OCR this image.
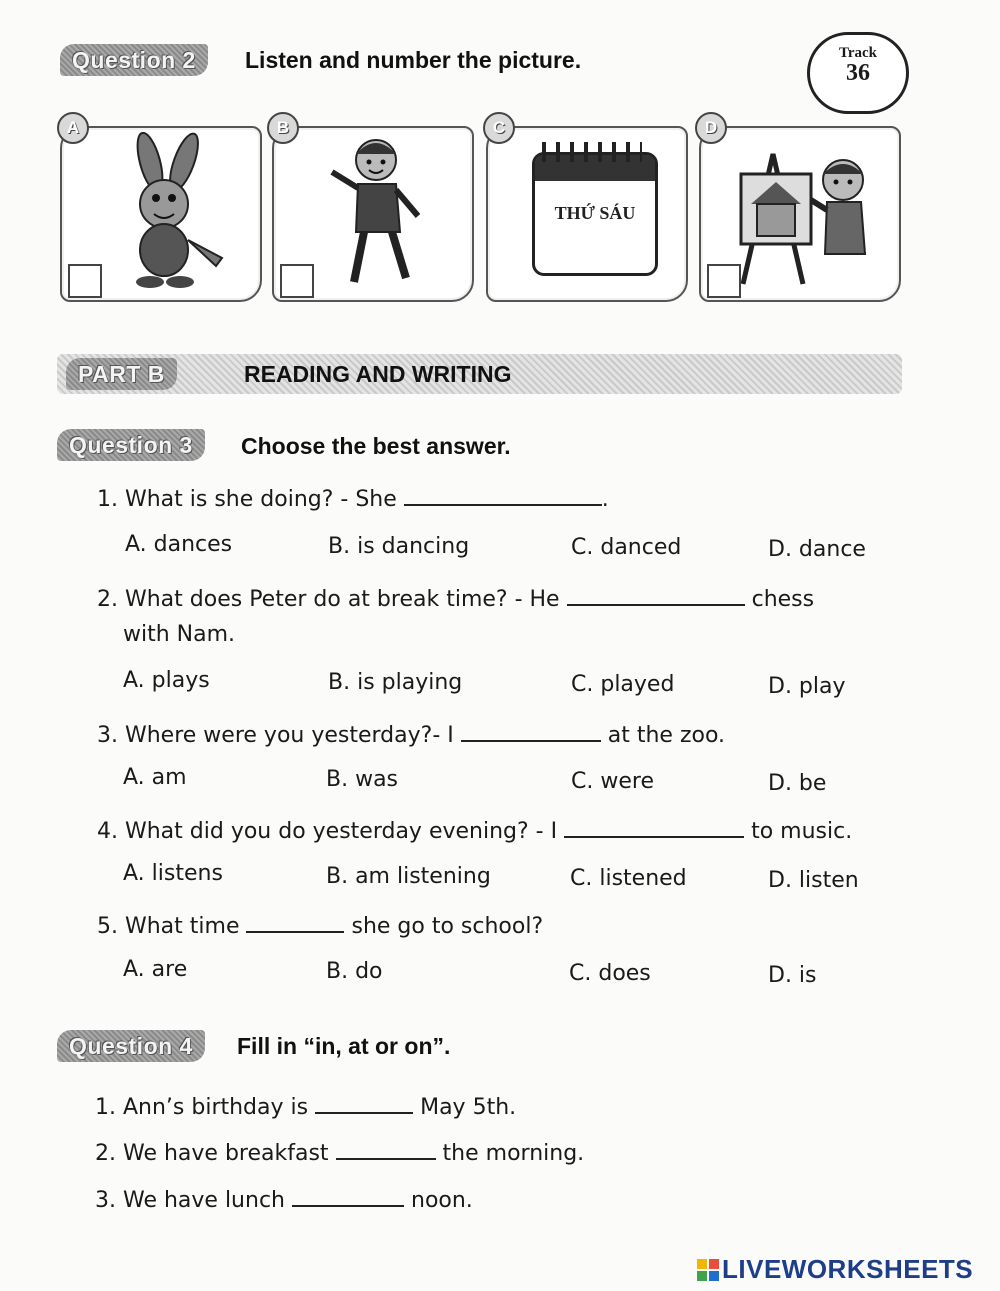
Question 2	Listen and number the picture.	Track
36
A	B
THỨ SÁU
C	D
PART B	READING AND WRITING
Question 3	Choose the best answer.
1. What is she doing? - She	.
A. dances	B. is dancing	C. danced	D. dance
2. What does Peter do at break time? - He	chess
with Nam.
A. plays	B. is playing	C. played	D. play
3. Where were you yesterday?- I	at the zoo.
A. am	B. was	C. were	D. be
4. What did you do yesterday evening? - I	to music.
A. listens	B. am listening	C. listened	D. listen
5. What time	she go to school?
A. are	B. do	C. does	D. is
Question 4	Fill in “in, at or on”.
1. Ann’s birthday is	May 5th.
2. We have breakfast	the morning.
3. We have lunch	noon.
LIVEWORKSHEETS
